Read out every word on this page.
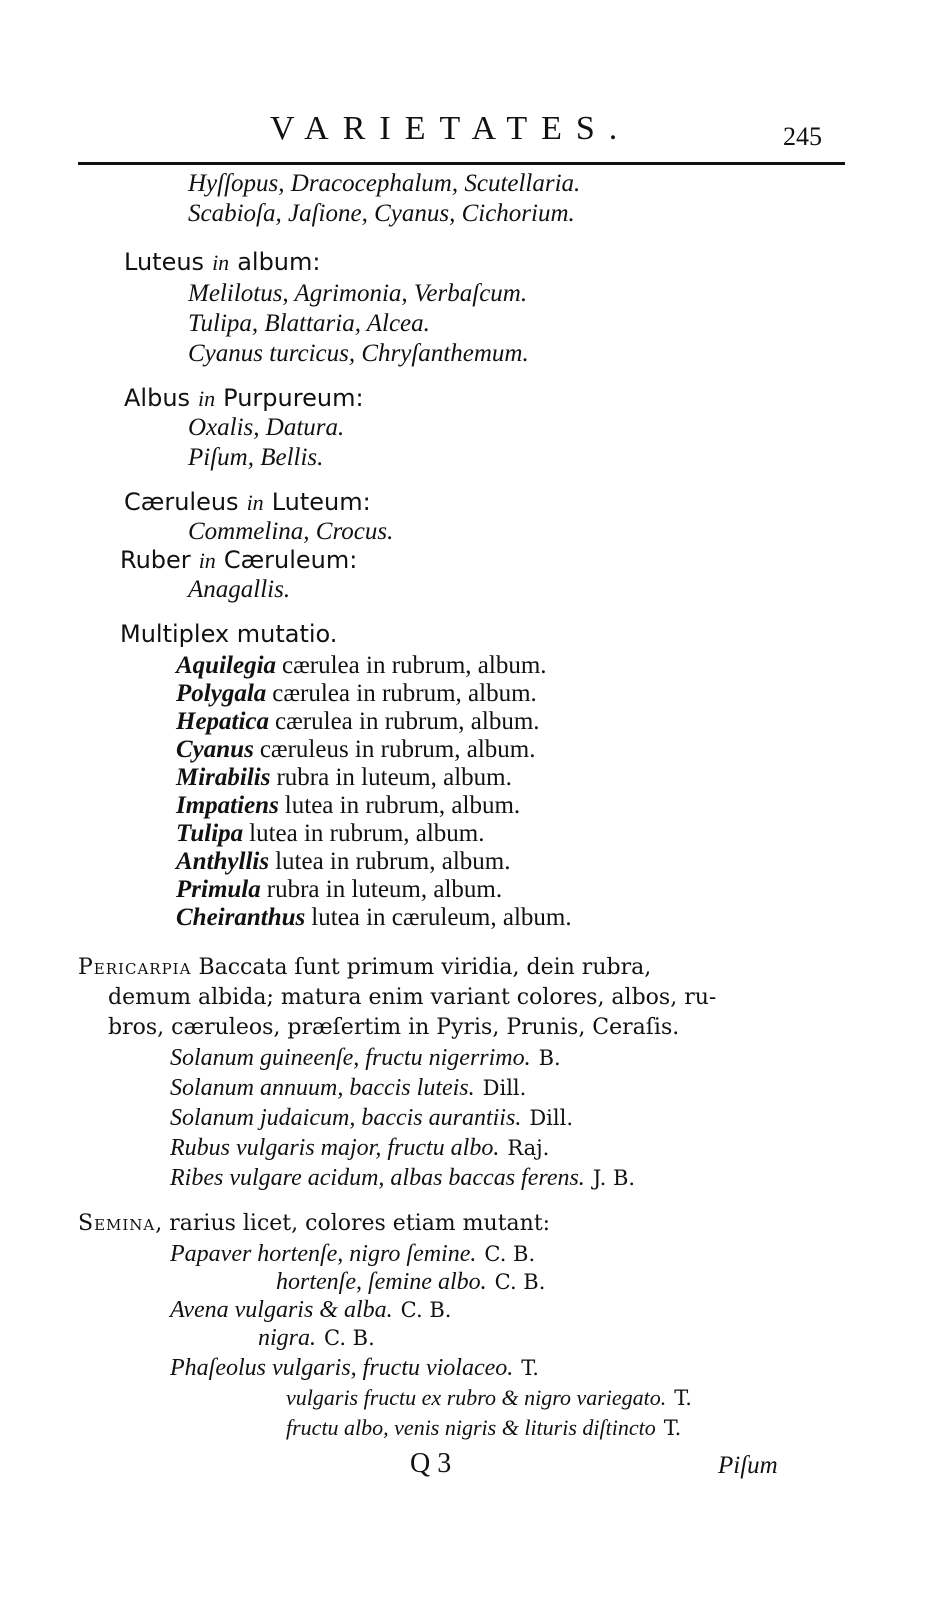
VARIETATES.	245
Hyſſopus, Dracocephalum, Scutellaria.
Scabioſa, Jaſione, Cyanus, Cichorium.
Luteus in album:
Melilotus, Agrimonia, Verbaſcum.
Tulipa, Blattaria, Alcea.
Cyanus turcicus, Chryſanthemum.
Albus in Purpureum:
Oxalis, Datura.
Piſum, Bellis.
Cæruleus in Luteum:
Commelina, Crocus.
Ruber in Cæruleum:
Anagallis.
Multiplex mutatio.
Aquilegia cærulea in rubrum, album.
Polygala cærulea in rubrum, album.
Hepatica cærulea in rubrum, album.
Cyanus cæruleus in rubrum, album.
Mirabilis rubra in luteum, album.
Impatiens lutea in rubrum, album.
Tulipa lutea in rubrum, album.
Anthyllis lutea in rubrum, album.
Primula rubra in luteum, album.
Cheiranthus lutea in cæruleum, album.
Pericarpia Baccata ſunt primum viridia, dein rubra,
demum albida; matura enim variant colores, albos, ru-
bros, cæruleos, præſertim in Pyris, Prunis, Ceraſis.
Solanum guineenſe, fructu nigerrimo. B.
Solanum annuum, baccis luteis. Dill.
Solanum judaicum, baccis aurantiis. Dill.
Rubus vulgaris major, fructu albo. Raj.
Ribes vulgare acidum, albas baccas ferens. J. B.
Semina, rarius licet, colores etiam mutant:
Papaver hortenſe, nigro ſemine. C. B.
hortenſe, ſemine albo. C. B.
Avena vulgaris & alba. C. B.
nigra. C. B.
Phaſeolus vulgaris, fructu violaceo. T.
vulgaris fructu ex rubro & nigro variegato. T.
fructu albo, venis nigris & lituris diſtincto T.
Q 3	Piſum
